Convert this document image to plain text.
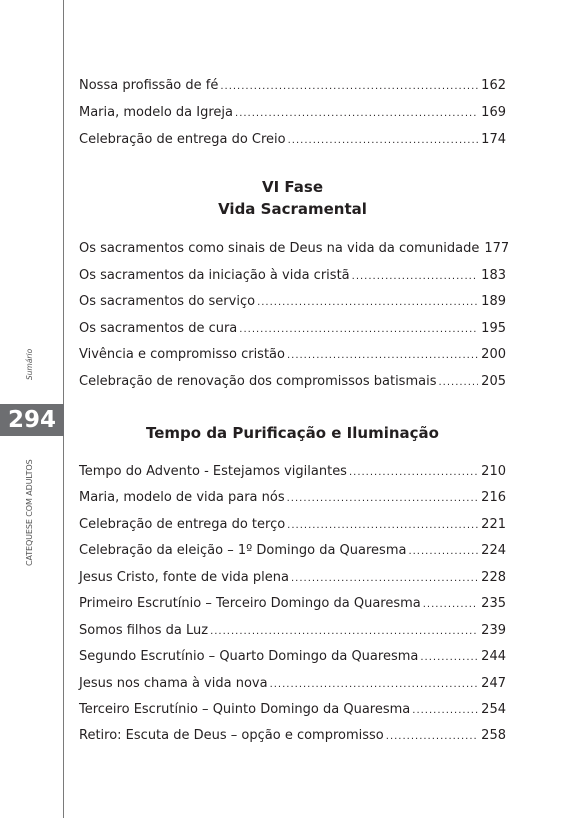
Sumário
294
CATEQUESE COM ADULTOS
Nossa profissão de fé .....	162
Maria, modelo da Igreja .....	169
Celebração de entrega do Creio .....	174
VI Fase
Vida Sacramental
Os sacramentos como sinais de Deus na vida da comunidade 177
Os sacramentos da iniciação à vida cristã .....	183
Os sacramentos do serviço .....	189
Os sacramentos de cura .....	195
Vivência e compromisso cristão .....	200
Celebração de renovação dos compromissos batismais .....	205
Tempo da Purificação e Iluminação
Tempo do Advento - Estejamos vigilantes .....	210
Maria, modelo de vida para nós .....	216
Celebração de entrega do terço .....	221
Celebração da eleição – 1º Domingo da Quaresma .....	224
Jesus Cristo, fonte de vida plena .....	228
Primeiro Escrutínio – Terceiro Domingo da Quaresma .....	235
Somos filhos da Luz .....	239
Segundo Escrutínio – Quarto Domingo da Quaresma .....	244
Jesus nos chama à vida nova .....	247
Terceiro Escrutínio – Quinto Domingo da Quaresma .....	254
Retiro: Escuta de Deus – opção e compromisso .....	258
